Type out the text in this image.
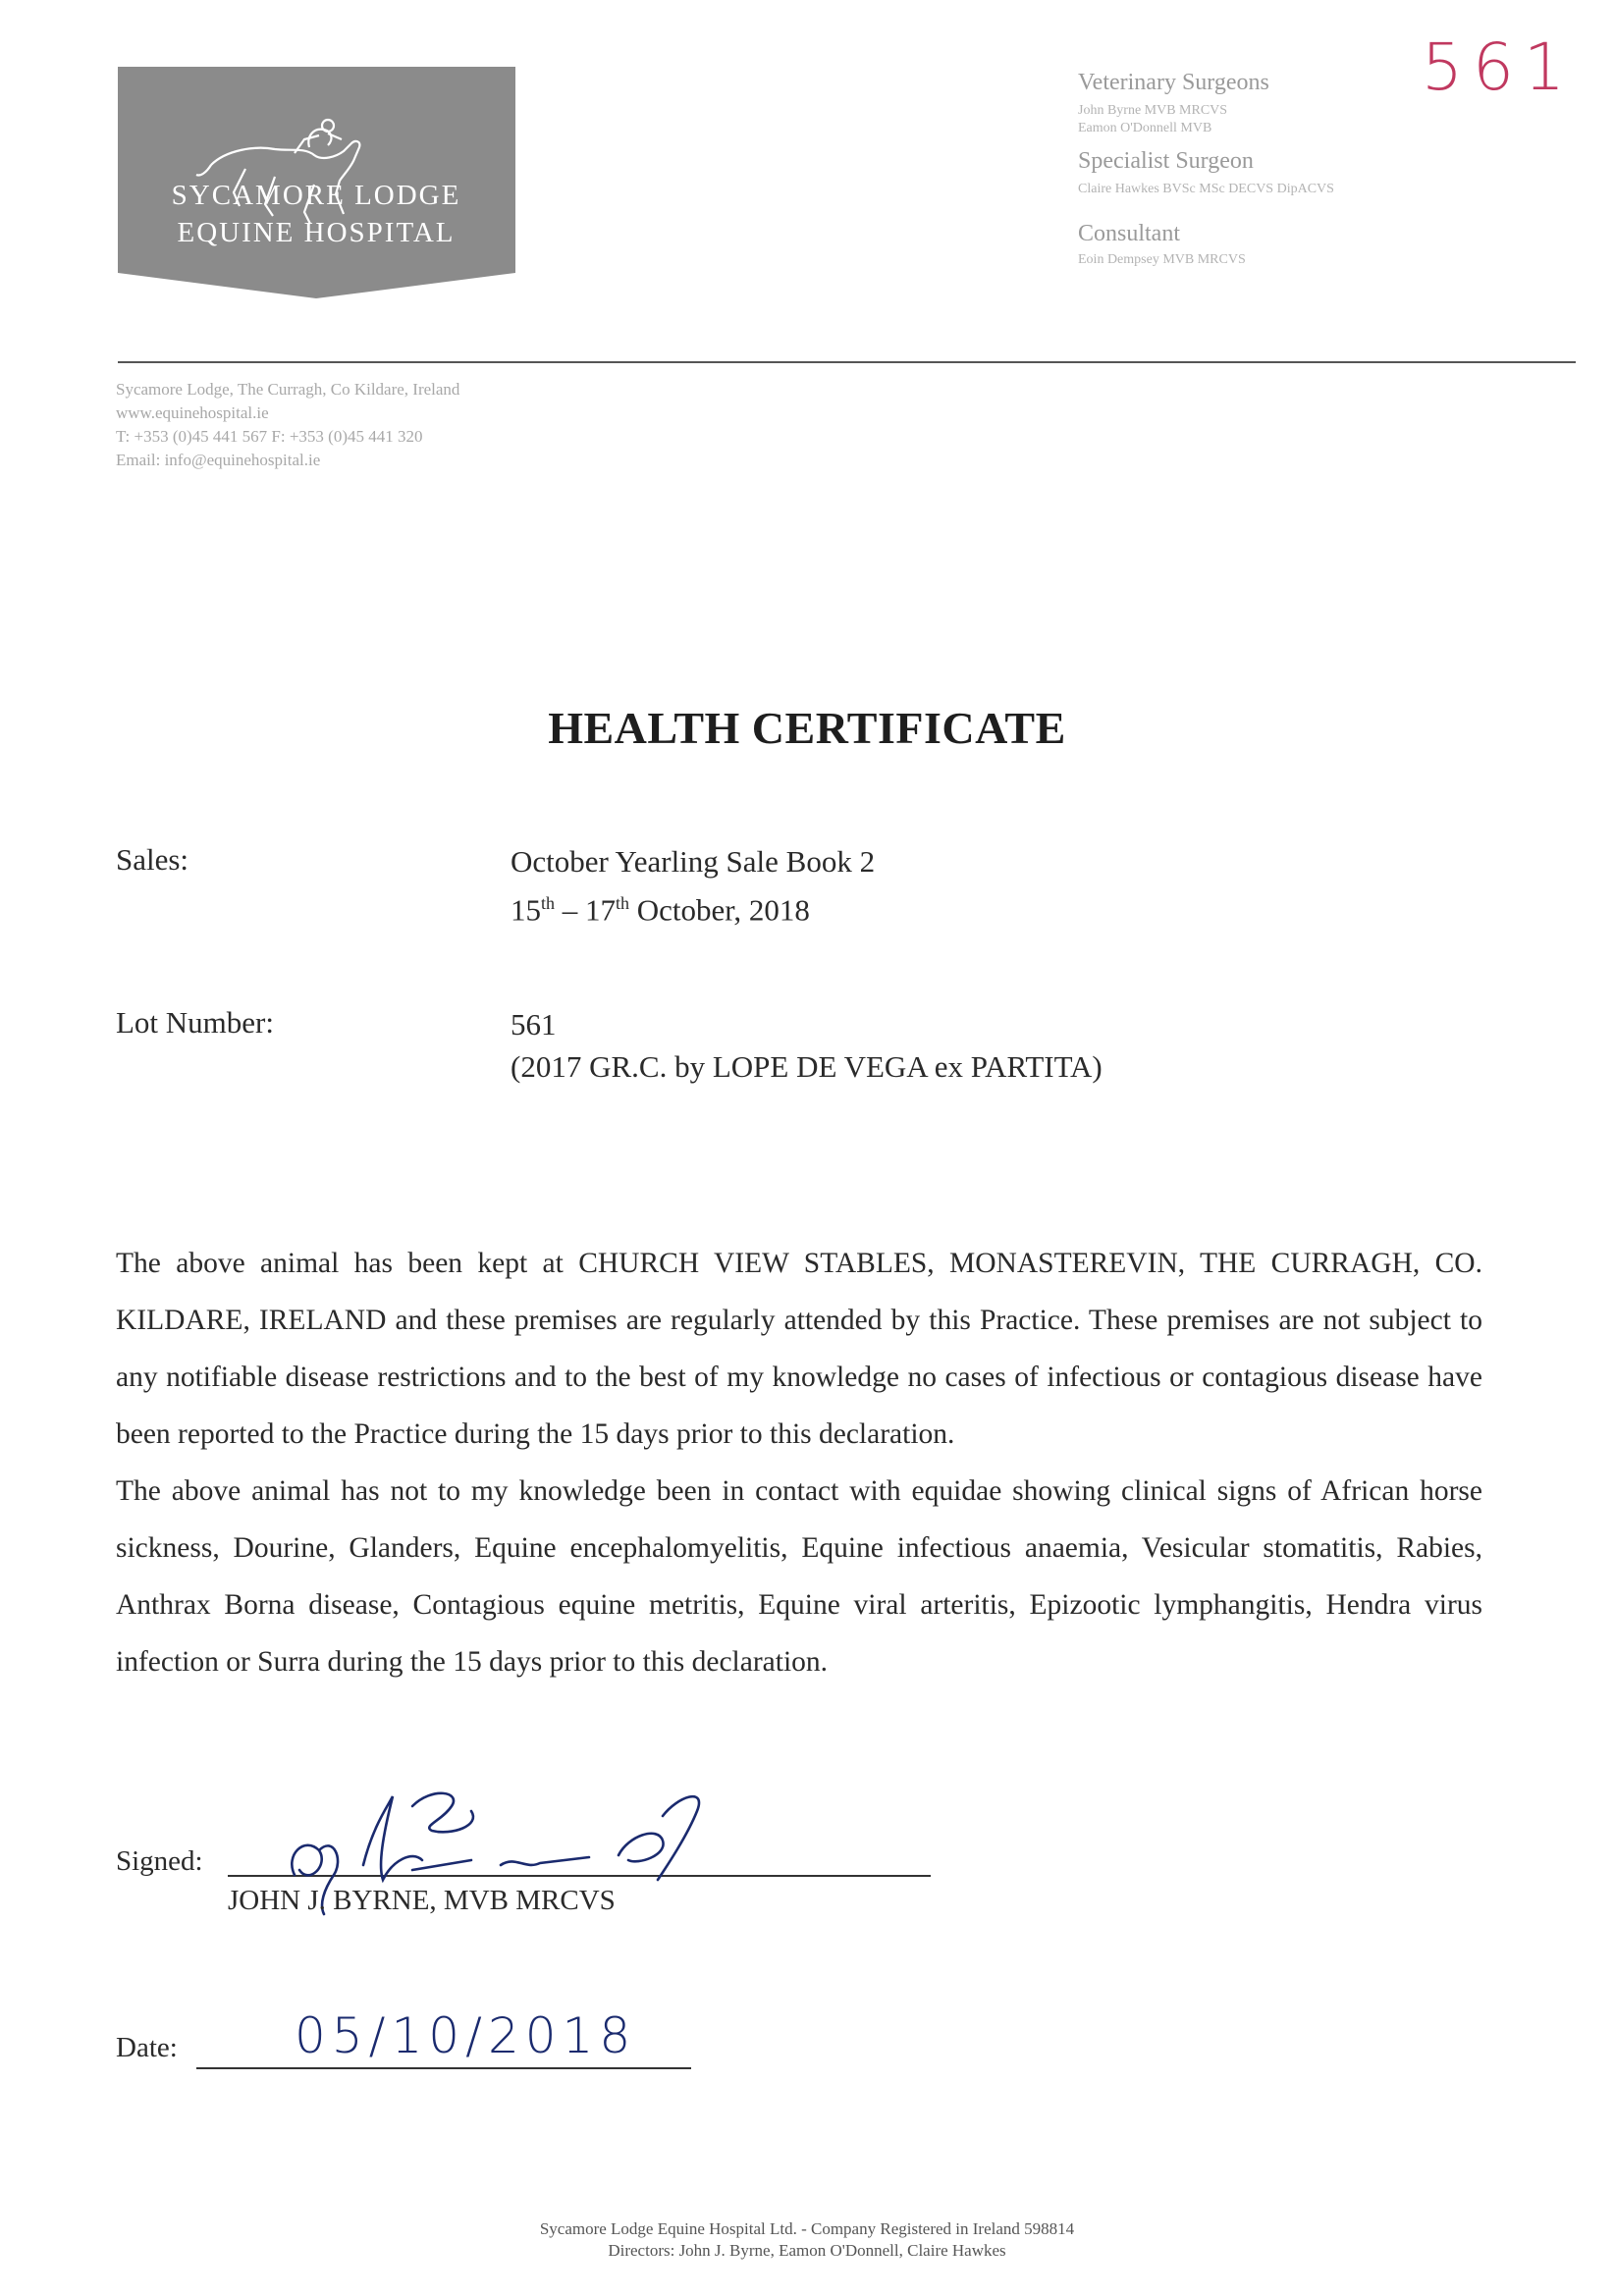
SYCAMORE LODGE
EQUINE HOSPITAL
561
Veterinary Surgeons
John Byrne MVB MRCVS
Eamon O'Donnell MVB
Specialist Surgeon
Claire Hawkes BVSc MSc DECVS DipACVS
Consultant
Eoin Dempsey MVB MRCVS
Sycamore Lodge, The Curragh, Co Kildare, Ireland
www.equinehospital.ie
T: +353 (0)45 441 567 F: +353 (0)45 441 320
Email: info@equinehospital.ie
HEALTH CERTIFICATE
Sales:	October Yearling Sale Book 2
15th – 17th October, 2018
Lot Number:	561
(2017 GR.C. by LOPE DE VEGA ex PARTITA)

The above animal has been kept at CHURCH VIEW STABLES, MONASTEREVIN, THE CURRAGH, CO. KILDARE, IRELAND and these premises are regularly attended by this Practice. These premises are not subject to any notifiable disease restrictions and to the best of my knowledge no cases of infectious or contagious disease have been reported to the Practice during the 15 days prior to this declaration.

The above animal has not to my knowledge been in contact with equidae showing clinical signs of African horse sickness, Dourine, Glanders, Equine encephalomyelitis, Equine infectious anaemia, Vesicular stomatitis, Rabies, Anthrax Borna disease, Contagious equine metritis, Equine viral arteritis, Epizootic lymphangitis, Hendra virus infection or Surra during the 15 days prior to this declaration.

Signed:
JOHN J. BYRNE, MVB MRCVS
Date: 05/10/2018
Sycamore Lodge Equine Hospital Ltd. - Company Registered in Ireland 598814
Directors: John J. Byrne, Eamon O'Donnell, Claire Hawkes
